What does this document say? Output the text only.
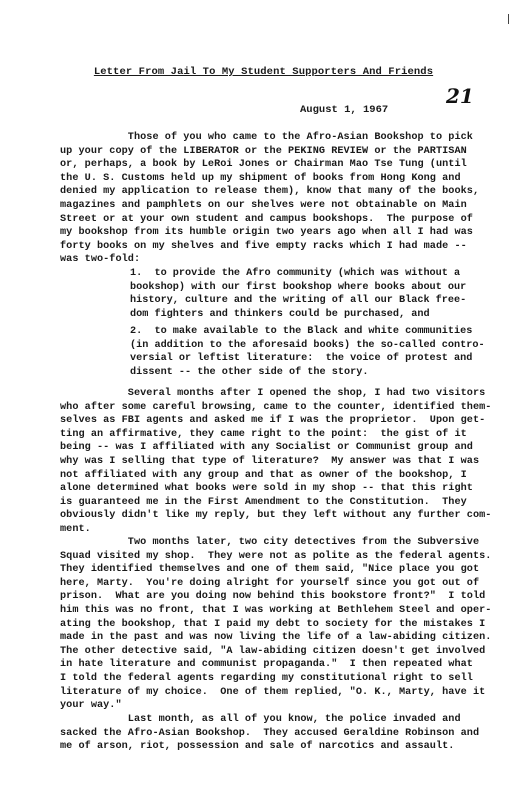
Letter From Jail To My Student Supporters And Friends
21
August 1, 1967
Those of you who came to the Afro-Asian Bookshop to pick
up your copy of the LIBERATOR or the PEKING REVIEW or the PARTISAN
or, perhaps, a book by LeRoi Jones or Chairman Mao Tse Tung (until
the U. S. Customs held up my shipment of books from Hong Kong and
denied my application to release them), know that many of the books,
magazines and pamphlets on our shelves were not obtainable on Main
Street or at your own student and campus bookshops.  The purpose of
my bookshop from its humble origin two years ago when all I had was
forty books on my shelves and five empty racks which I had made --
was two-fold:
1.  to provide the Afro community (which was without a
bookshop) with our first bookshop where books about our
history, culture and the writing of all our Black free-
dom fighters and thinkers could be purchased, and
2.  to make available to the Black and white communities
(in addition to the aforesaid books) the so-called contro-
versial or leftist literature:  the voice of protest and
dissent -- the other side of the story.
Several months after I opened the shop, I had two visitors
who after some careful browsing, came to the counter, identified them-
selves as FBI agents and asked me if I was the proprietor.  Upon get-
ting an affirmative, they came right to the point:  the gist of it
being -- was I affiliated with any Socialist or Communist group and
why was I selling that type of literature?  My answer was that I was
not affiliated with any group and that as owner of the bookshop, I
alone determined what books were sold in my shop -- that this right
is guaranteed me in the First Amendment to the Constitution.  They
obviously didn't like my reply, but they left without any further com-
ment.
Two months later, two city detectives from the Subversive
Squad visited my shop.  They were not as polite as the federal agents.
They identified themselves and one of them said, "Nice place you got
here, Marty.  You're doing alright for yourself since you got out of
prison.  What are you doing now behind this bookstore front?"  I told
him this was no front, that I was working at Bethlehem Steel and oper-
ating the bookshop, that I paid my debt to society for the mistakes I
made in the past and was now living the life of a law-abiding citizen.
The other detective said, "A law-abiding citizen doesn't get involved
in hate literature and communist propaganda."  I then repeated what
I told the federal agents regarding my constitutional right to sell
literature of my choice.  One of them replied, "O. K., Marty, have it
your way."
Last month, as all of you know, the police invaded and
sacked the Afro-Asian Bookshop.  They accused Geraldine Robinson and
me of arson, riot, possession and sale of narcotics and assault.
